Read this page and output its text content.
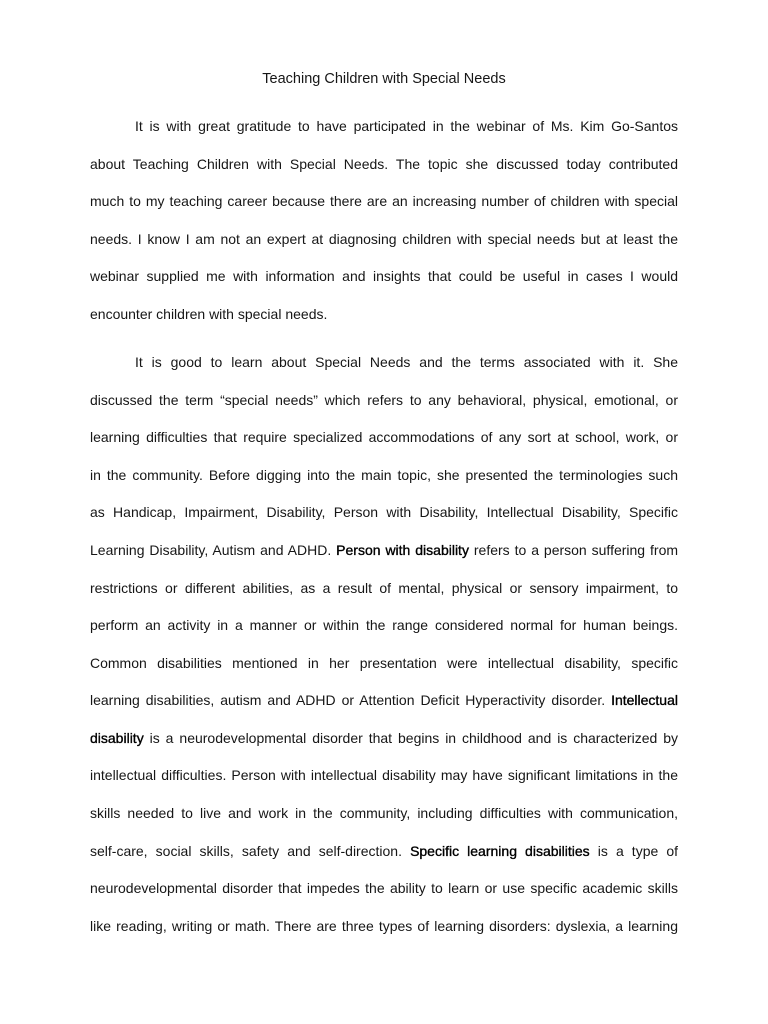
Teaching Children with Special Needs
It is with great gratitude to have participated in the webinar of Ms. Kim Go-Santos
about Teaching Children with Special Needs. The topic she discussed today contributed
much to my teaching career because there are an increasing number of children with special
needs. I know I am not an expert at diagnosing children with special needs but at least the
webinar supplied me with information and insights that could be useful in cases I would
encounter children with special needs.
It is good to learn about Special Needs and the terms associated with it. She
discussed the term “special needs” which refers to any behavioral, physical, emotional, or
learning difficulties that require specialized accommodations of any sort at school, work, or
in the community. Before digging into the main topic, she presented the terminologies such
as Handicap, Impairment, Disability, Person with Disability, Intellectual Disability, Specific
Learning Disability, Autism and ADHD. Person with disability refers to a person suffering from
restrictions or different abilities, as a result of mental, physical or sensory impairment, to
perform an activity in a manner or within the range considered normal for human beings.
Common disabilities mentioned in her presentation were intellectual disability, specific
learning disabilities, autism and ADHD or Attention Deficit Hyperactivity disorder. Intellectual
disability is a neurodevelopmental disorder that begins in childhood and is characterized by
intellectual difficulties. Person with intellectual disability may have significant limitations in the
skills needed to live and work in the community, including difficulties with communication,
self-care, social skills, safety and self-direction. Specific learning disabilities is a type of
neurodevelopmental disorder that impedes the ability to learn or use specific academic skills
like reading, writing or math. There are three types of learning disorders: dyslexia, a learning
